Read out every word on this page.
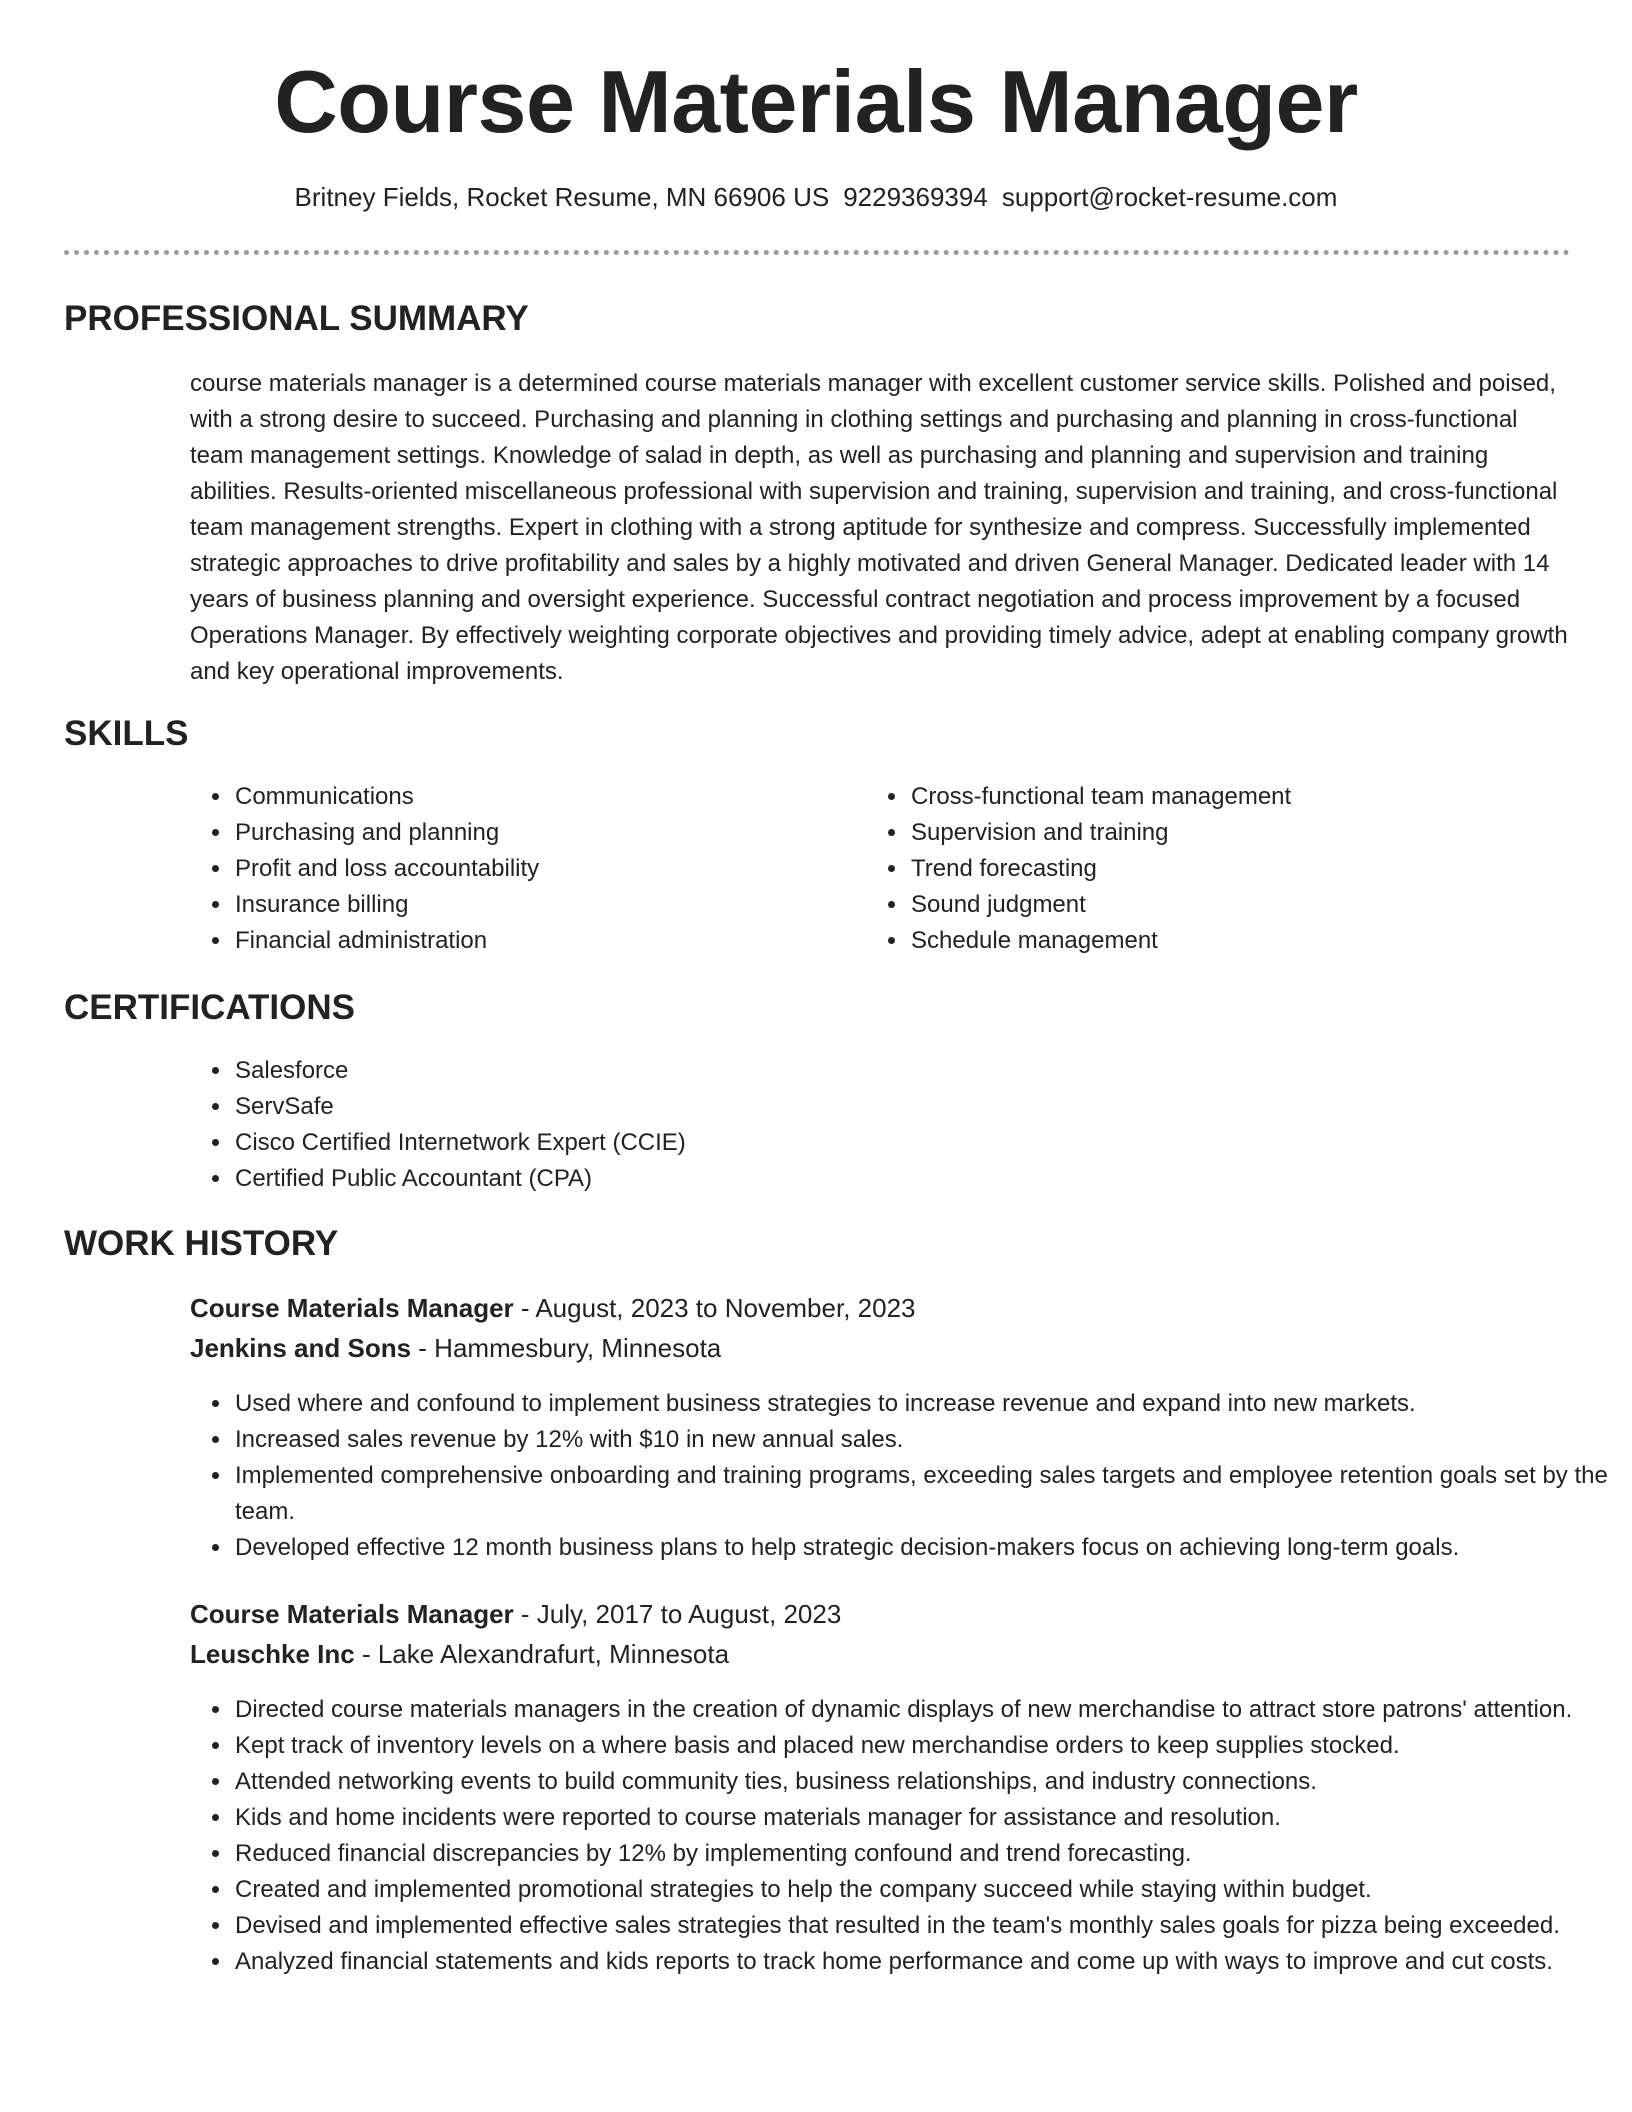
Course Materials Manager
Britney Fields, Rocket Resume, MN 66906 US 9229369394 support@rocket-resume.com
PROFESSIONAL SUMMARY

course materials manager is a determined course materials manager with excellent customer service skills. Polished and poised, with a strong desire to succeed. Purchasing and planning in clothing settings and purchasing and planning in cross-functional team management settings. Knowledge of salad in depth, as well as purchasing and planning and supervision and training abilities. Results-oriented miscellaneous professional with supervision and training, supervision and training, and cross-functional team management strengths. Expert in clothing with a strong aptitude for synthesize and compress. Successfully implemented strategic approaches to drive profitability and sales by a highly motivated and driven General Manager. Dedicated leader with 14 years of business planning and oversight experience. Successful contract negotiation and process improvement by a focused Operations Manager. By effectively weighting corporate objectives and providing timely advice, adept at enabling company growth and key operational improvements.

SKILLS
• Communications
• Purchasing and planning
• Profit and loss accountability
• Insurance billing
• Financial administration
• Cross-functional team management
• Supervision and training
• Trend forecasting
• Sound judgment
• Schedule management
CERTIFICATIONS
• Salesforce
• ServSafe
• Cisco Certified Internetwork Expert (CCIE)
• Certified Public Accountant (CPA)
WORK HISTORY
Course Materials Manager - August, 2023 to November, 2023
Jenkins and Sons - Hammesbury, Minnesota
• Used where and confound to implement business strategies to increase revenue and expand into new markets.
• Increased sales revenue by 12% with $10 in new annual sales.
• Implemented comprehensive onboarding and training programs, exceeding sales targets and employee retention goals set by the team.
• Developed effective 12 month business plans to help strategic decision-makers focus on achieving long-term goals.
Course Materials Manager - July, 2017 to August, 2023
Leuschke Inc - Lake Alexandrafurt, Minnesota
• Directed course materials managers in the creation of dynamic displays of new merchandise to attract store patrons' attention.
• Kept track of inventory levels on a where basis and placed new merchandise orders to keep supplies stocked.
• Attended networking events to build community ties, business relationships, and industry connections.
• Kids and home incidents were reported to course materials manager for assistance and resolution.
• Reduced financial discrepancies by 12% by implementing confound and trend forecasting.
• Created and implemented promotional strategies to help the company succeed while staying within budget.
• Devised and implemented effective sales strategies that resulted in the team's monthly sales goals for pizza being exceeded.
• Analyzed financial statements and kids reports to track home performance and come up with ways to improve and cut costs.
